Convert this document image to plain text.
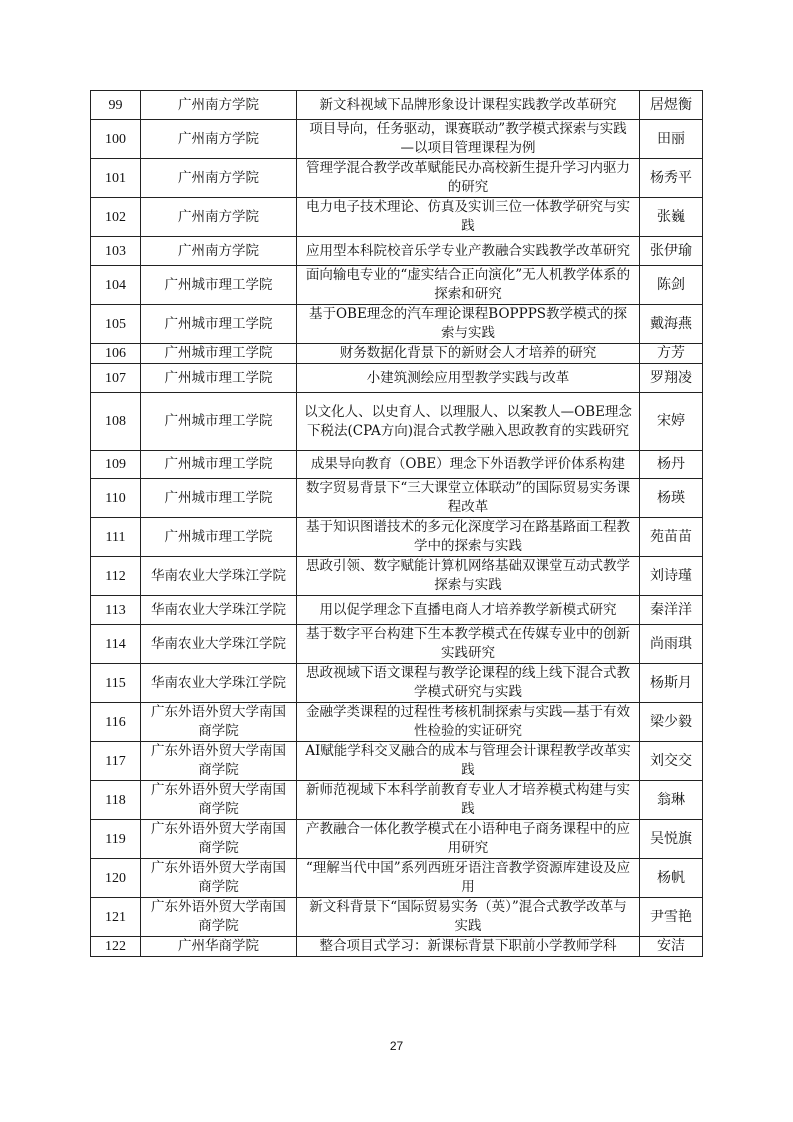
99	广州南方学院	新文科视域下品牌形象设计课程实践教学改革研究	居煜衡
100	广州南方学院	项目导向，任务驱动，课赛联动”教学模式探索与实践—以项目管理课程为例	田丽
101	广州南方学院	管理学混合教学改革赋能民办高校新生提升学习内驱力的研究	杨秀平
102	广州南方学院	电力电子技术理论、仿真及实训三位一体教学研究与实践	张巍
103	广州南方学院	应用型本科院校音乐学专业产教融合实践教学改革研究	张伊瑜
104	广州城市理工学院	面向输电专业的“虚实结合正向演化”无人机教学体系的探索和研究	陈剑
105	广州城市理工学院	基于OBE理念的汽车理论课程BOPPPS教学模式的探索与实践	戴海燕
106	广州城市理工学院	财务数据化背景下的新财会人才培养的研究	方芳
107	广州城市理工学院	小建筑测绘应用型教学实践与改革	罗翔凌
108	广州城市理工学院	以文化人、以史育人、以理服人、以案教人—OBE理念下税法(CPA方向)混合式教学融入思政教育的实践研究	宋婷
109	广州城市理工学院	成果导向教育（OBE）理念下外语教学评价体系构建	杨丹
110	广州城市理工学院	数字贸易背景下“三大课堂立体联动”的国际贸易实务课程改革	杨瑛
111	广州城市理工学院	基于知识图谱技术的多元化深度学习在路基路面工程教学中的探索与实践	苑苗苗
112	华南农业大学珠江学院	思政引领、数字赋能计算机网络基础双课堂互动式教学探索与实践	刘诗瑾
113	华南农业大学珠江学院	用以促学理念下直播电商人才培养教学新模式研究	秦洋洋
114	华南农业大学珠江学院	基于数字平台构建下生本教学模式在传媒专业中的创新实践研究	尚雨琪
115	华南农业大学珠江学院	思政视域下语文课程与教学论课程的线上线下混合式教学模式研究与实践	杨斯月
116	广东外语外贸大学南国商学院	金融学类课程的过程性考核机制探索与实践—基于有效性检验的实证研究	梁少毅
117	广东外语外贸大学南国商学院	AI赋能学科交叉融合的成本与管理会计课程教学改革实践	刘交交
118	广东外语外贸大学南国商学院	新师范视域下本科学前教育专业人才培养模式构建与实践	翁琳
119	广东外语外贸大学南国商学院	产教融合一体化教学模式在小语种电子商务课程中的应用研究	吴悦旗
120	广东外语外贸大学南国商学院	“理解当代中国”系列西班牙语注音教学资源库建设及应用	杨帆
121	广东外语外贸大学南国商学院	新文科背景下“国际贸易实务（英）”混合式教学改革与实践	尹雪艳
122	广州华商学院	整合项目式学习：新课标背景下职前小学教师学科	安洁
27
